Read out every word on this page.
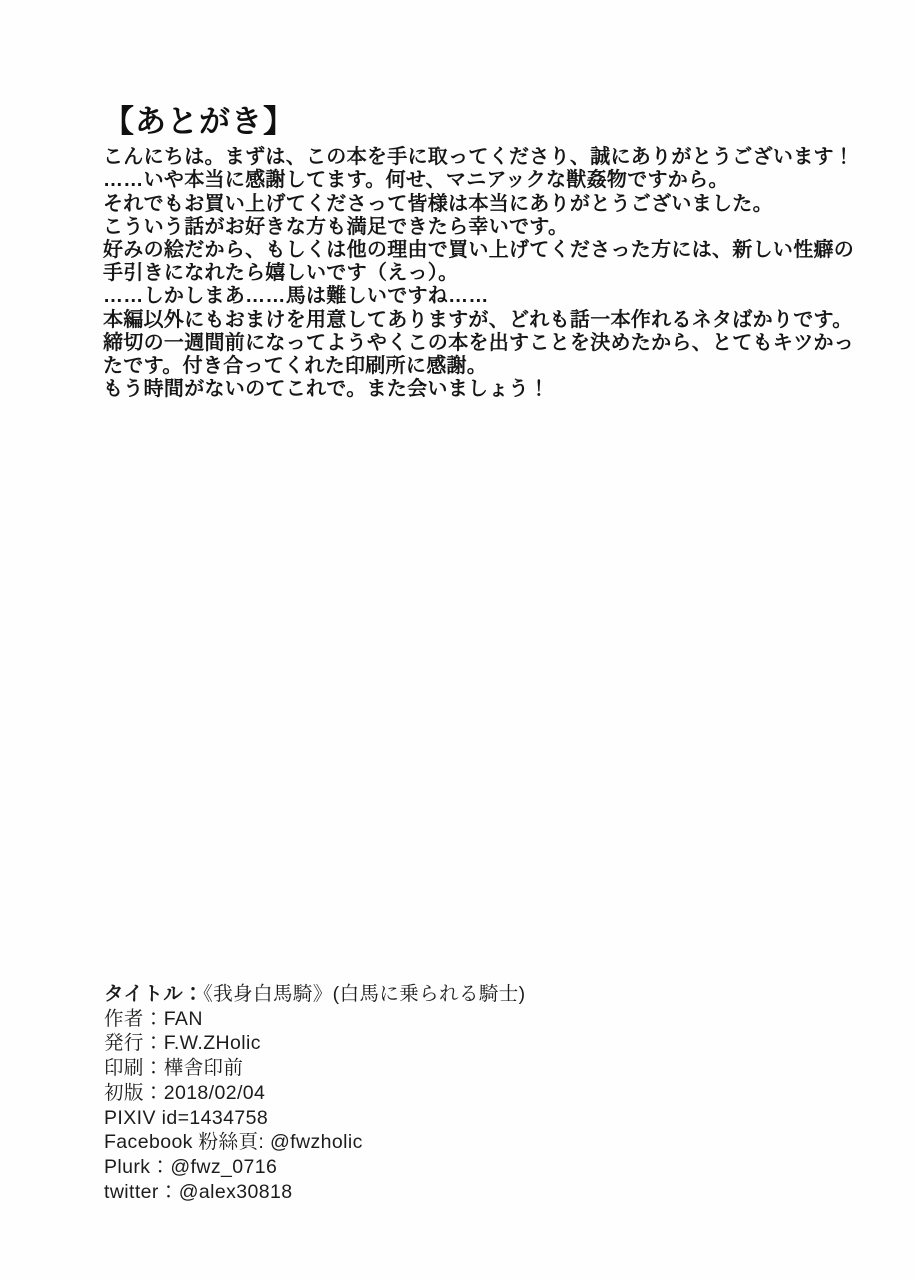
【あとがき】
こんにちは。まずは、この本を手に取ってくださり、誠にありがとうございます！
……いや本当に感謝してます。何せ、マニアックな獣姦物ですから。
それでもお買い上げてくださって皆様は本当にありがとうございました。
こういう話がお好きな方も満足できたら幸いです。
好みの絵だから、もしくは他の理由で買い上げてくださった方には、新しい性癖の
手引きになれたら嬉しいです（えっ）。
……しかしまあ……馬は難しいですね……
本編以外にもおまけを用意してありますが、どれも話一本作れるネタばかりです。
締切の一週間前になってようやくこの本を出すことを決めたから、とてもキツかっ
たです。付き合ってくれた印刷所に感謝。
もう時間がないのてこれで。また会いましょう！
タイトル：《我身白馬騎》(白馬に乗られる騎士)
作者：FAN
発行：F.W.ZHolic
印刷：樺舎印前
初版：2018/02/04
PIXIV id=1434758
Facebook 粉絲頁: @fwzholic
Plurk：@fwz_0716
twitter：@alex30818
